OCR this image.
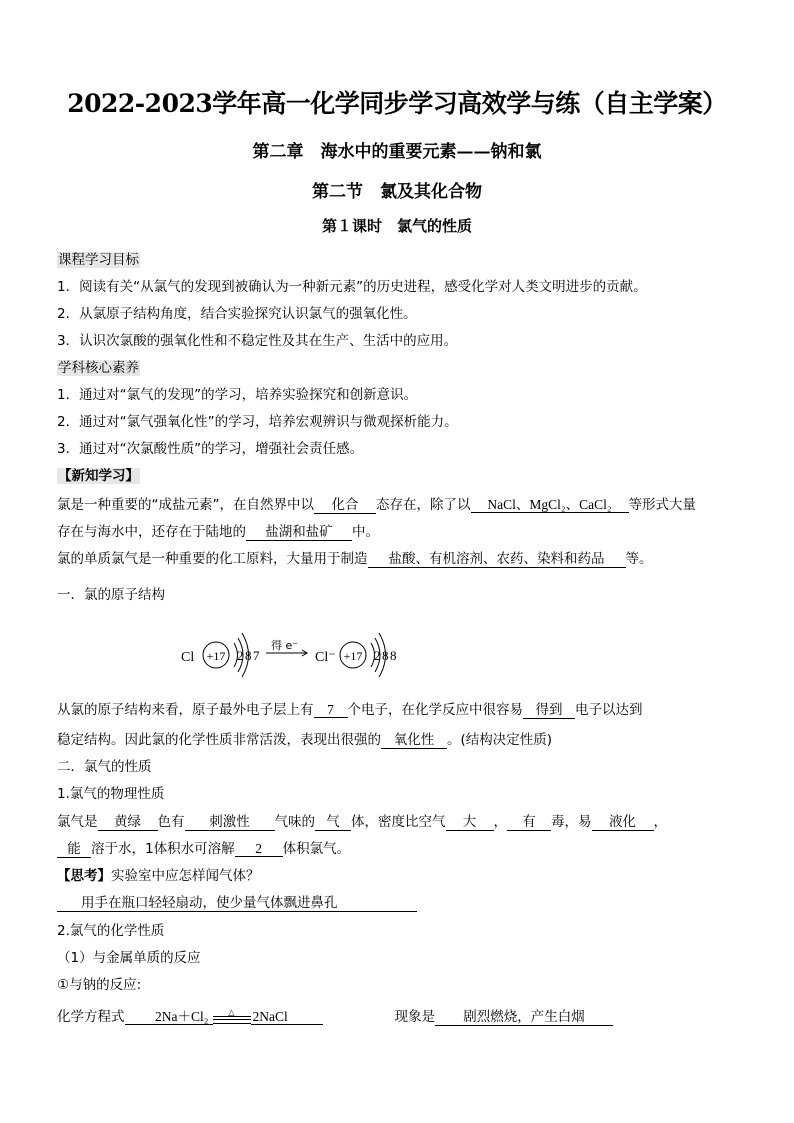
2022-2023学年高一化学同步学习高效学与练（自主学案）
第二章　海水中的重要元素——钠和氯
第二节　氯及其化合物
第１课时　氯气的性质
课程学习目标
1．阅读有关“从氯气的发现到被确认为一种新元素”的历史进程，感受化学对人类文明进步的贡献。
2．从氯原子结构角度，结合实验探究认识氯气的强氧化性。
3．认识次氯酸的强氧化性和不稳定性及其在生产、生活中的应用。
学科核心素养
1．通过对“氯气的发现”的学习，培养实验探究和创新意识。
2．通过对“氯气强氧化性”的学习，培养宏观辨识与微观探析能力。
3．通过对“次氯酸性质”的学习，增强社会责任感。
【新知学习】
氯是一种重要的“成盐元素”，在自然界中以 化合 态存在，除了以 NaCl、MgCl₂、CaCl₂ 等形式大量
存在与海水中，还存在于陆地的 盐湖和盐矿 中。
氯的单质氯气是一种重要的化工原料，大量用于制造 盐酸、有机溶剂、农药、染料和药品 等。
一．氯的原子结构
Cl +17 2 8 7
得 e⁻
Cl⁻ +17 2 8 8
从氯的原子结构来看，原子最外电子层上有 7 个电子，在化学反应中很容易 得到 电子以达到
稳定结构。因此氯的化学性质非常活泼，表现出很强的 氧化性 。(结构决定性质)
二．氯气的性质
1.氯气的物理性质
氯气是 黄绿 色有 刺激性 气味的 气 体，密度比空气 大 ， 有 毒，易 液化 ，
能 溶于水，1体积水可溶解 2 体积氯气。
【思考】实验室中应怎样闻气体？
用手在瓶口轻轻扇动，使少量气体飘进鼻孔
2.氯气的化学性质
（1）与金属单质的反应
①与钠的反应:
化学方程式 2Na＋Cl₂	△	2NaCl	现象是 剧烈燃烧，产生白烟
